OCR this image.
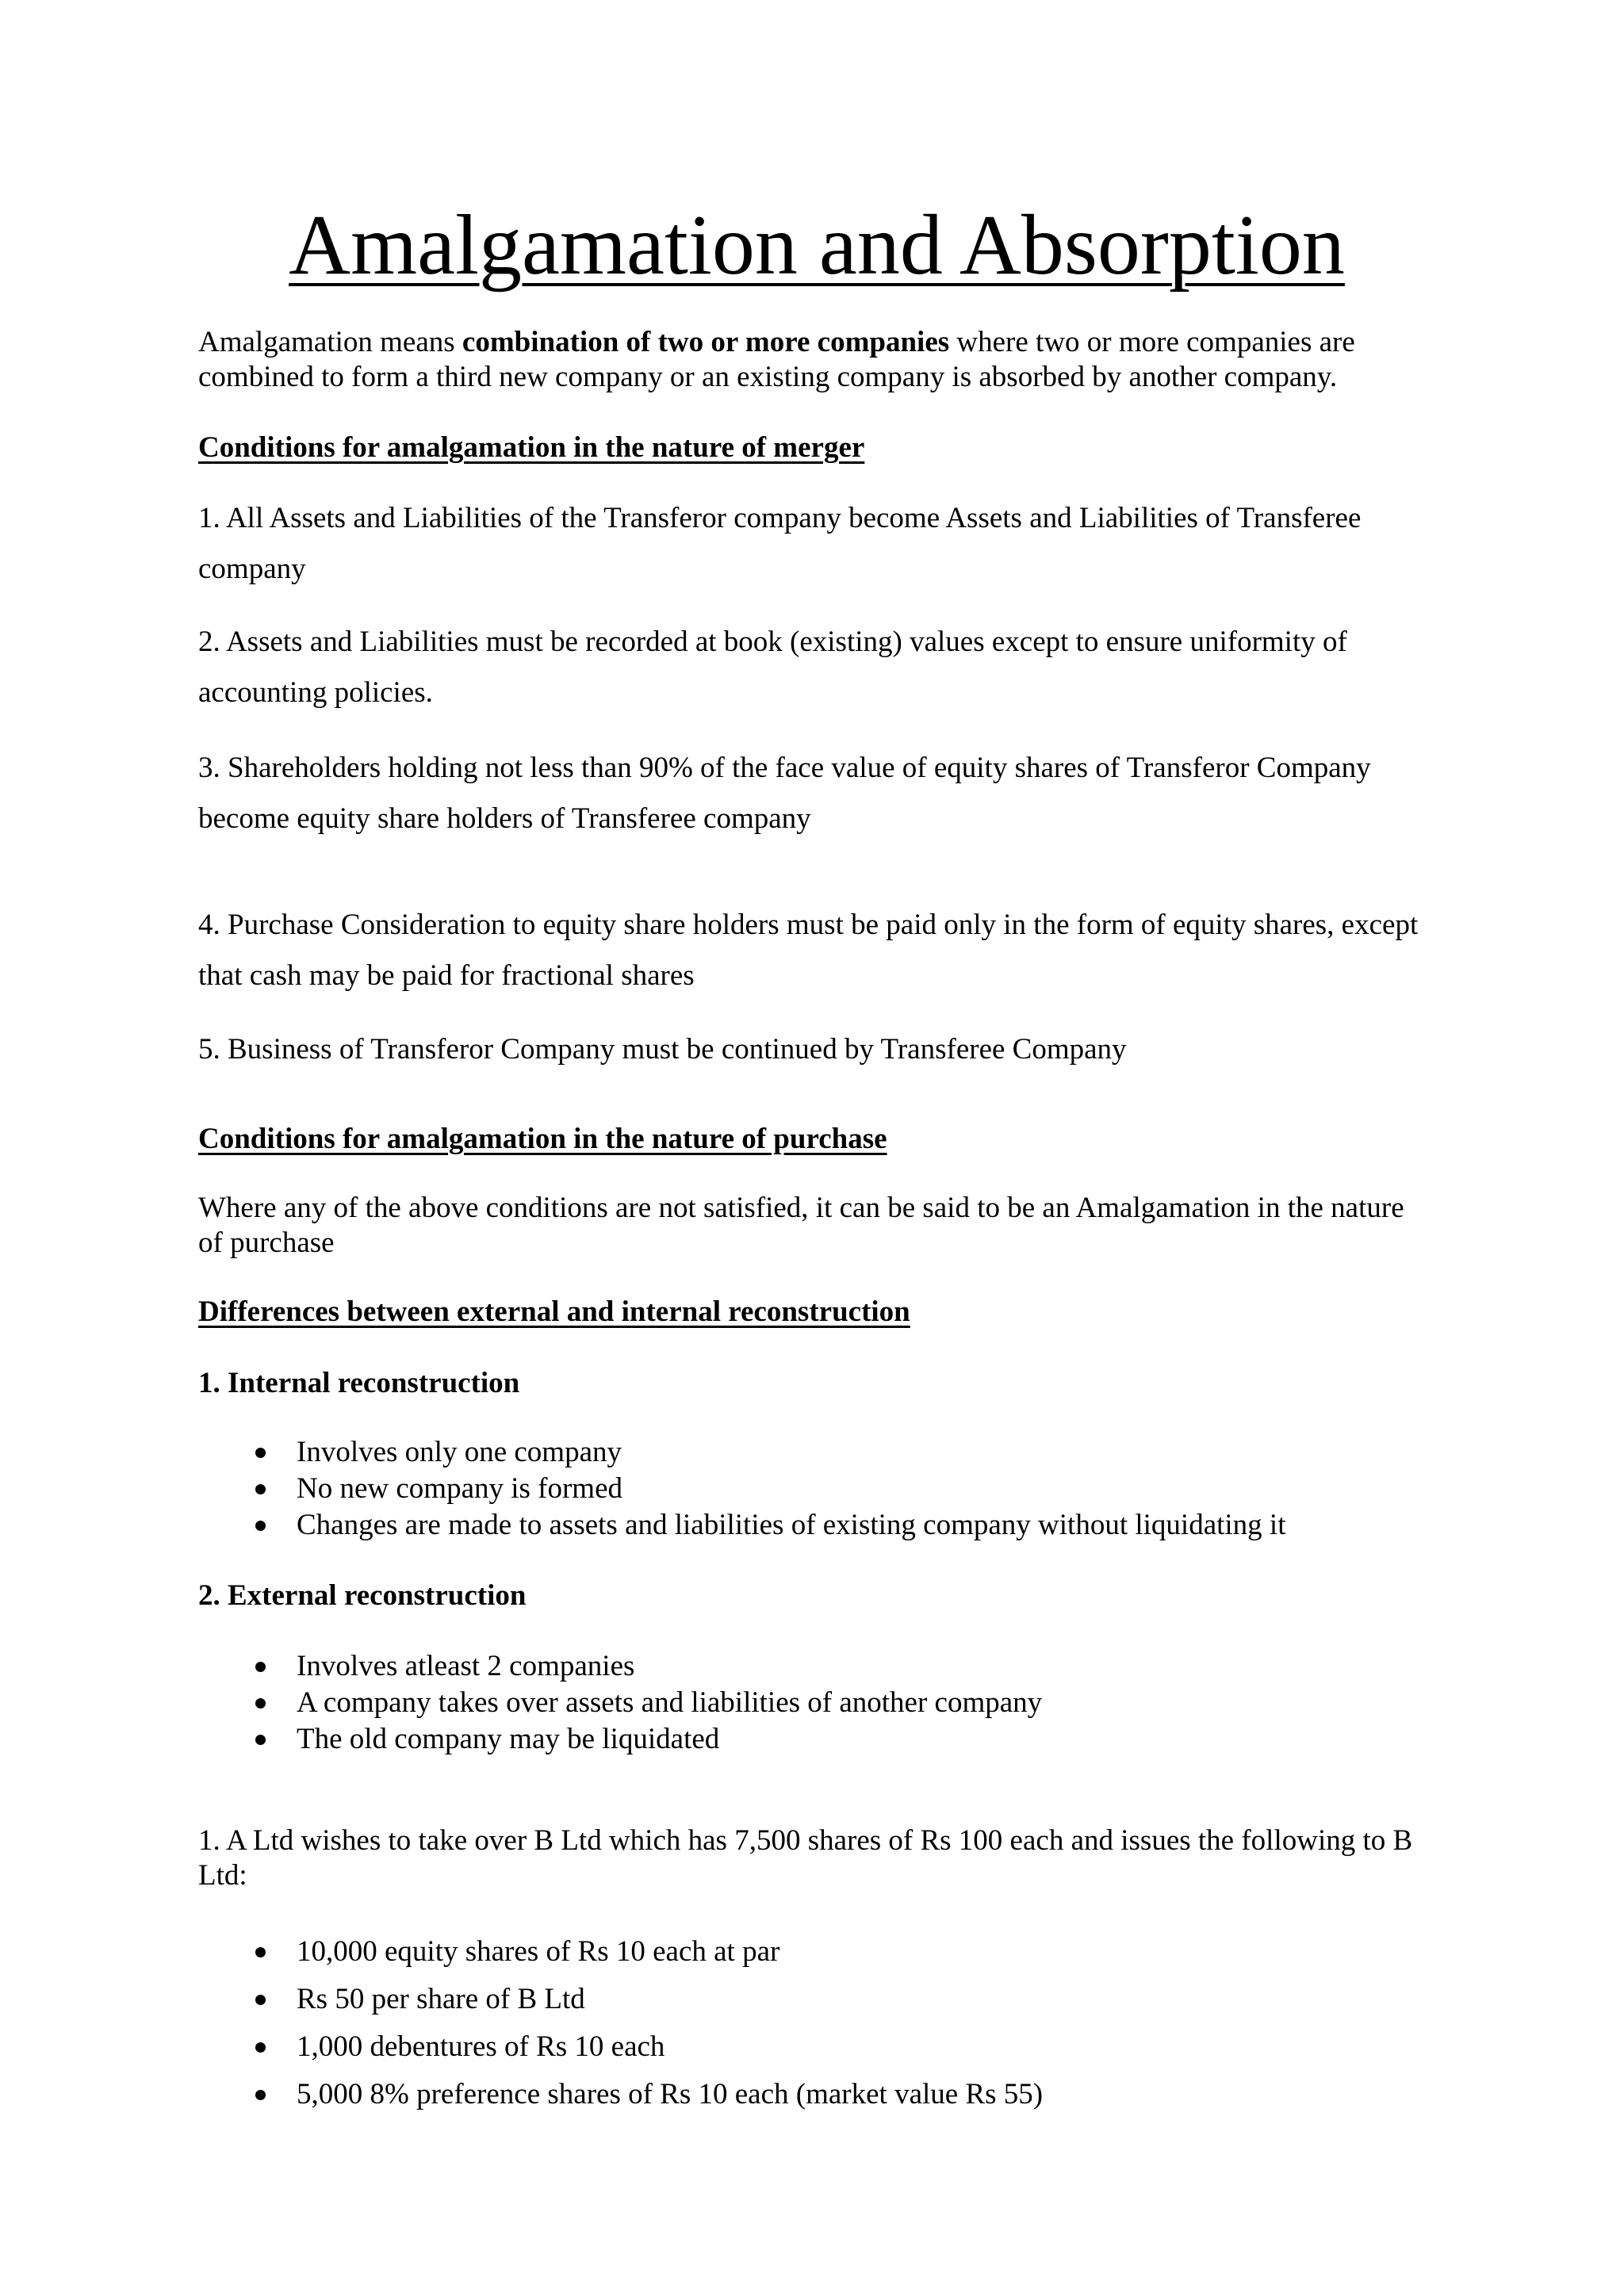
Amalgamation and Absorption

Amalgamation means combination of two or more companies where two or more companies are combined to form a third new company or an existing company is absorbed by another company.

Conditions for amalgamation in the nature of merger

1. All Assets and Liabilities of the Transferor company become Assets and Liabilities of Transferee company

2. Assets and Liabilities must be recorded at book (existing) values except to ensure uniformity of accounting policies.

3. Shareholders holding not less than 90% of the face value of equity shares of Transferor Company become equity share holders of Transferee company

4. Purchase Consideration to equity share holders must be paid only in the form of equity shares, except that cash may be paid for fractional shares

5. Business of Transferor Company must be continued by Transferee Company

Conditions for amalgamation in the nature of purchase

Where any of the above conditions are not satisfied, it can be said to be an Amalgamation in the nature of purchase

Differences between external and internal reconstruction

1. Internal reconstruction

Involves only one company
No new company is formed
Changes are made to assets and liabilities of existing company without liquidating it

2. External reconstruction

Involves atleast 2 companies
A company takes over assets and liabilities of another company
The old company may be liquidated

1. A Ltd wishes to take over B Ltd which has 7,500 shares of Rs 100 each and issues the following to B Ltd:

10,000 equity shares of Rs 10 each at par
Rs 50 per share of B Ltd
1,000 debentures of Rs 10 each
5,000 8% preference shares of Rs 10 each (market value Rs 55)
